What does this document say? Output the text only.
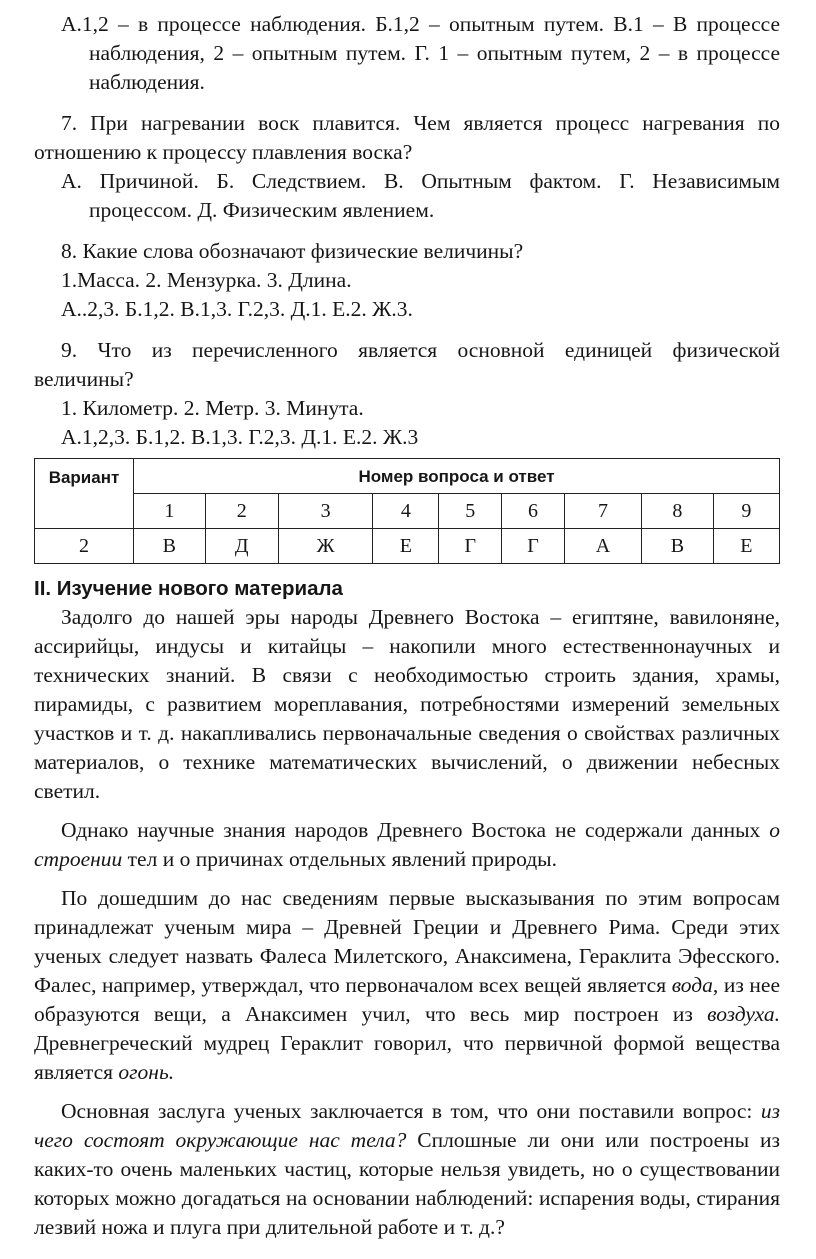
А.1,2 – в процессе наблюдения. Б.1,2 – опытным путем. В.1 – В процессе наблюдения, 2 – опытным путем. Г. 1 – опытным путем, 2 – в процессе наблюдения.

7. При нагревании воск плавится. Чем является процесс нагревания по отношению к процессу плавления воска?

А. Причиной. Б. Следствием. В. Опытным фактом. Г. Независимым процессом. Д. Физическим явлением.

8. Какие слова обозначают физические величины?

1.Масса. 2. Мензурка. 3. Длина.

А..2,3. Б.1,2. В.1,3. Г.2,3. Д.1. Е.2. Ж.3.

9. Что из перечисленного является основной единицей физической величины?

1. Километр. 2. Метр. 3. Минута.

А.1,2,3. Б.1,2. В.1,3. Г.2,3. Д.1. Е.2. Ж.3

Вариант	Номер вопроса и ответ								
	1	2	3	4	5	6	7	8	9
2	В	Д	Ж	Е	Г	Г	А	В	Е

II. Изучение нового материала

Задолго до нашей эры народы Древнего Востока – египтяне, вавилоняне, ассирийцы, индусы и китайцы – накопили много естественнонаучных и технических знаний. В связи с необходимостью строить здания, храмы, пирамиды, с развитием мореплавания, потребностями измерений земельных участков и т. д. накапливались первоначальные сведения о свойствах различных материалов, о технике математических вычислений, о движении небесных светил.

Однако научные знания народов Древнего Востока не содержали данных о строении тел и о причинах отдельных явлений природы.

По дошедшим до нас сведениям первые высказывания по этим вопросам принадлежат ученым мира – Древней Греции и Древнего Рима. Среди этих ученых следует назвать Фалеса Милетского, Анаксимена, Гераклита Эфесского. Фалес, например, утверждал, что первоначалом всех вещей является вода, из нее образуются вещи, а Анаксимен учил, что весь мир построен из воздуха. Древнегреческий мудрец Гераклит говорил, что первичной формой вещества является огонь.

Основная заслуга ученых заключается в том, что они поставили вопрос: из чего состоят окружающие нас тела? Сплошные ли они или построены из каких-то очень маленьких частиц, которые нельзя увидеть, но о существовании которых можно догадаться на основании наблюдений: испарения воды, стирания лезвий ножа и плуга при длительной работе и т. д.?
